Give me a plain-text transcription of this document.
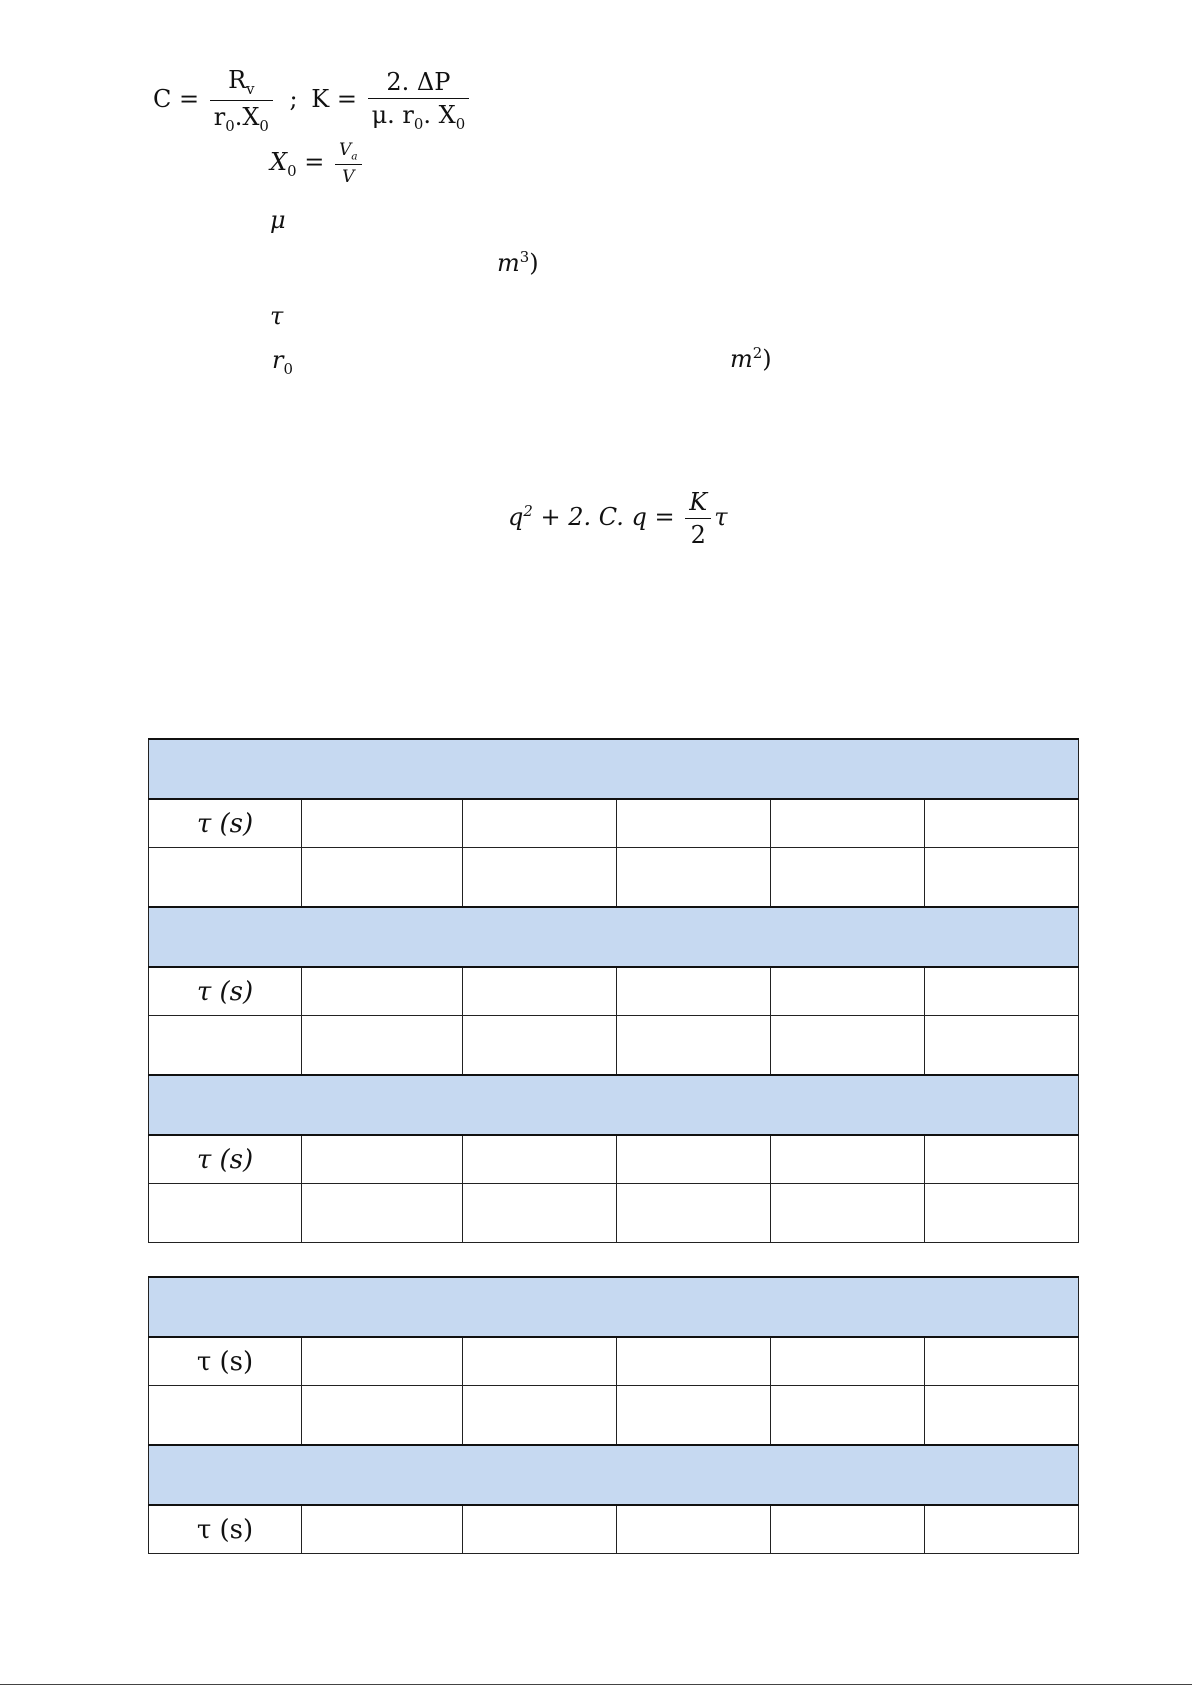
$C = \frac{R_v}{r_0.X_0}$ ; $K = \frac{2. \Delta P}{\mu. r_0. X_0}$
$X_0 = \frac{V_a}{V}$
μ
$m^3$)
τ
$r_0$	$m^2$)
$q^2 + 2$. C. $q = \frac{K}{2}$ τ

τ (s)					

τ (s)					

τ (s)					

τ (s)					

τ (s)					
